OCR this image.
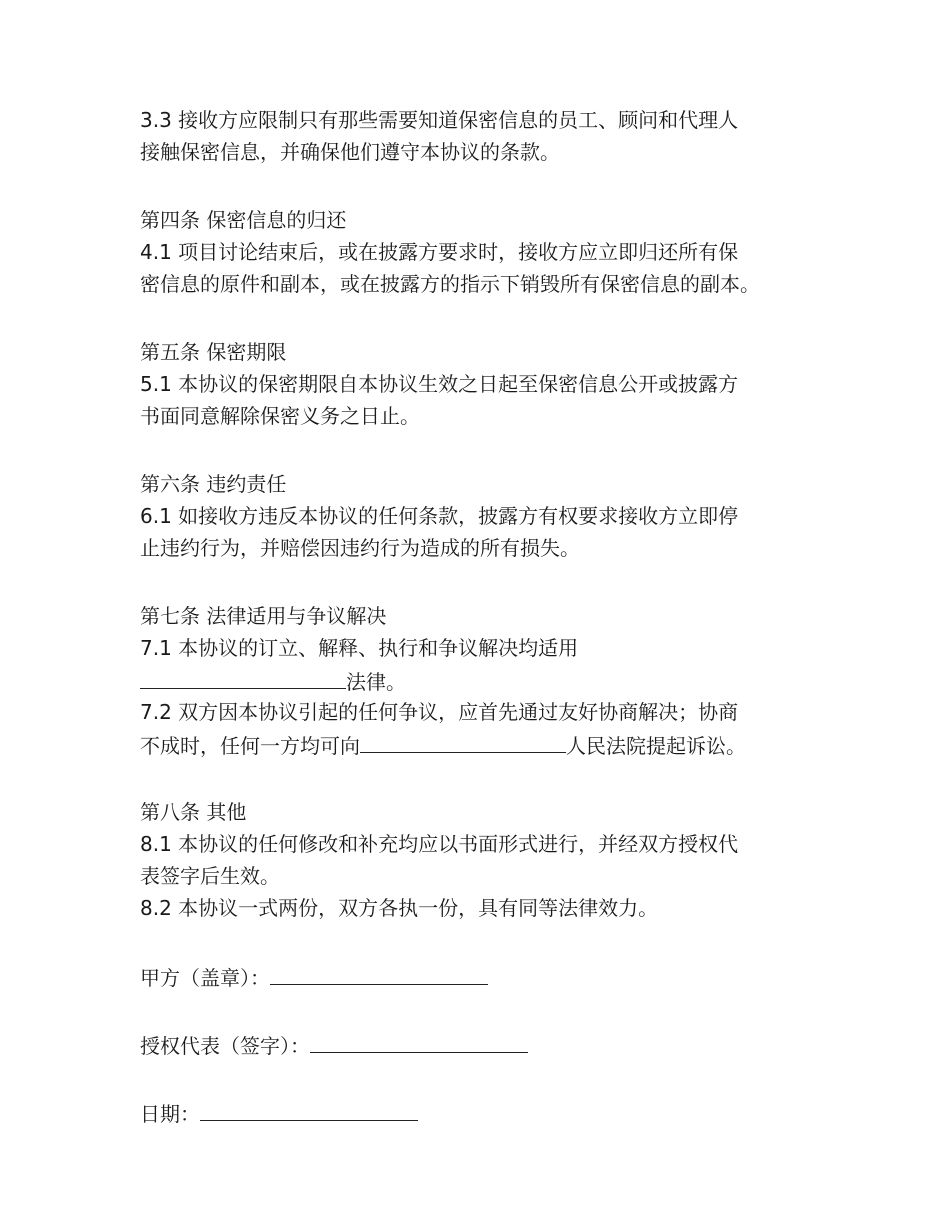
3.3 接收方应限制只有那些需要知道保密信息的员工、顾问和代理人
接触保密信息，并确保他们遵守本协议的条款。
第四条 保密信息的归还
4.1 项目讨论结束后，或在披露方要求时，接收方应立即归还所有保
密信息的原件和副本，或在披露方的指示下销毁所有保密信息的副本。
第五条 保密期限
5.1 本协议的保密期限自本协议生效之日起至保密信息公开或披露方
书面同意解除保密义务之日止。
第六条 违约责任
6.1 如接收方违反本协议的任何条款，披露方有权要求接收方立即停
止违约行为，并赔偿因违约行为造成的所有损失。
第七条 法律适用与争议解决
7.1 本协议的订立、解释、执行和争议解决均适用
法律。
7.2 双方因本协议引起的任何争议，应首先通过友好协商解决；协商
不成时，任何一方均可向	人民法院提起诉讼。
第八条 其他
8.1 本协议的任何修改和补充均应以书面形式进行，并经双方授权代
表签字后生效。
8.2 本协议一式两份，双方各执一份，具有同等法律效力。
甲方（盖章）：
授权代表（签字）：
日期：
